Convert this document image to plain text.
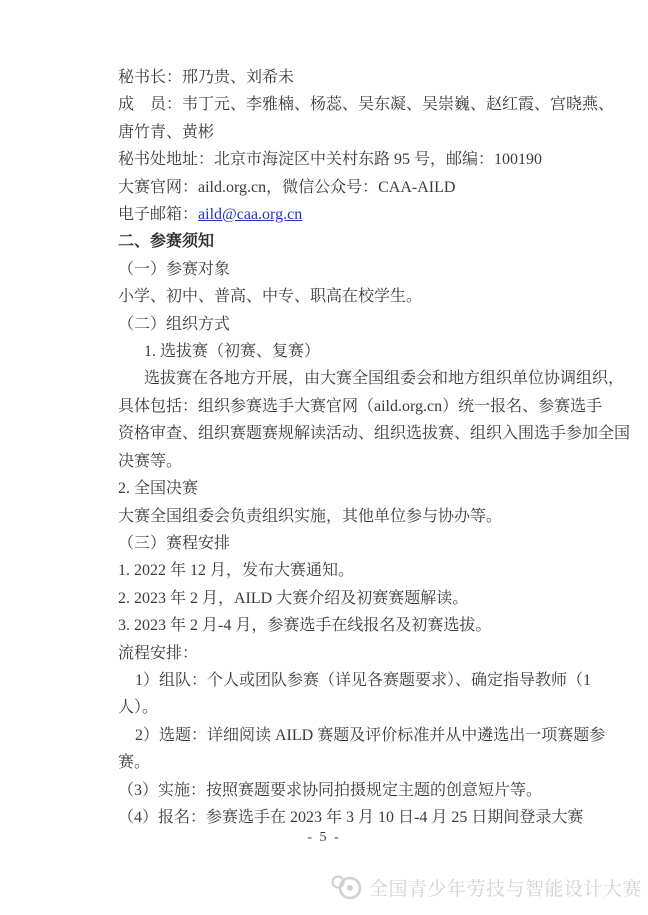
秘书长：邢乃贵、刘希未
成　员：韦丁元、李雅楠、杨蕊、吴东凝、吴崇巍、赵红霞、宫晓燕、
唐竹青、黄彬
秘书处地址：北京市海淀区中关村东路 95 号，邮编：100190
大赛官网：aild.org.cn，微信公众号：CAA-AILD
电子邮箱：aild@caa.org.cn
二、参赛须知
（一）参赛对象
小学、初中、普高、中专、职高在校学生。
（二）组织方式
1. 选拔赛（初赛、复赛）
选拔赛在各地方开展，由大赛全国组委会和地方组织单位协调组织，
具体包括：组织参赛选手大赛官网（aild.org.cn）统一报名、参赛选手
资格审查、组织赛题赛规解读活动、组织选拔赛、组织入围选手参加全国
决赛等。
2. 全国决赛
大赛全国组委会负责组织实施，其他单位参与协办等。
（三）赛程安排
1. 2022 年 12 月，发布大赛通知。
2. 2023 年 2 月，AILD 大赛介绍及初赛赛题解读。
3. 2023 年 2 月-4 月，参赛选手在线报名及初赛选拔。
流程安排：
1）组队：个人或团队参赛（详见各赛题要求）、确定指导教师（1
人）。
2）选题：详细阅读 AILD 赛题及评价标准并从中遴选出一项赛题参
赛。
（3）实施：按照赛题要求协同拍摄规定主题的创意短片等。
（4）报名：参赛选手在 2023 年 3 月 10 日-4 月 25 日期间登录大赛
- 5 -
全国青少年劳技与智能设计大赛
